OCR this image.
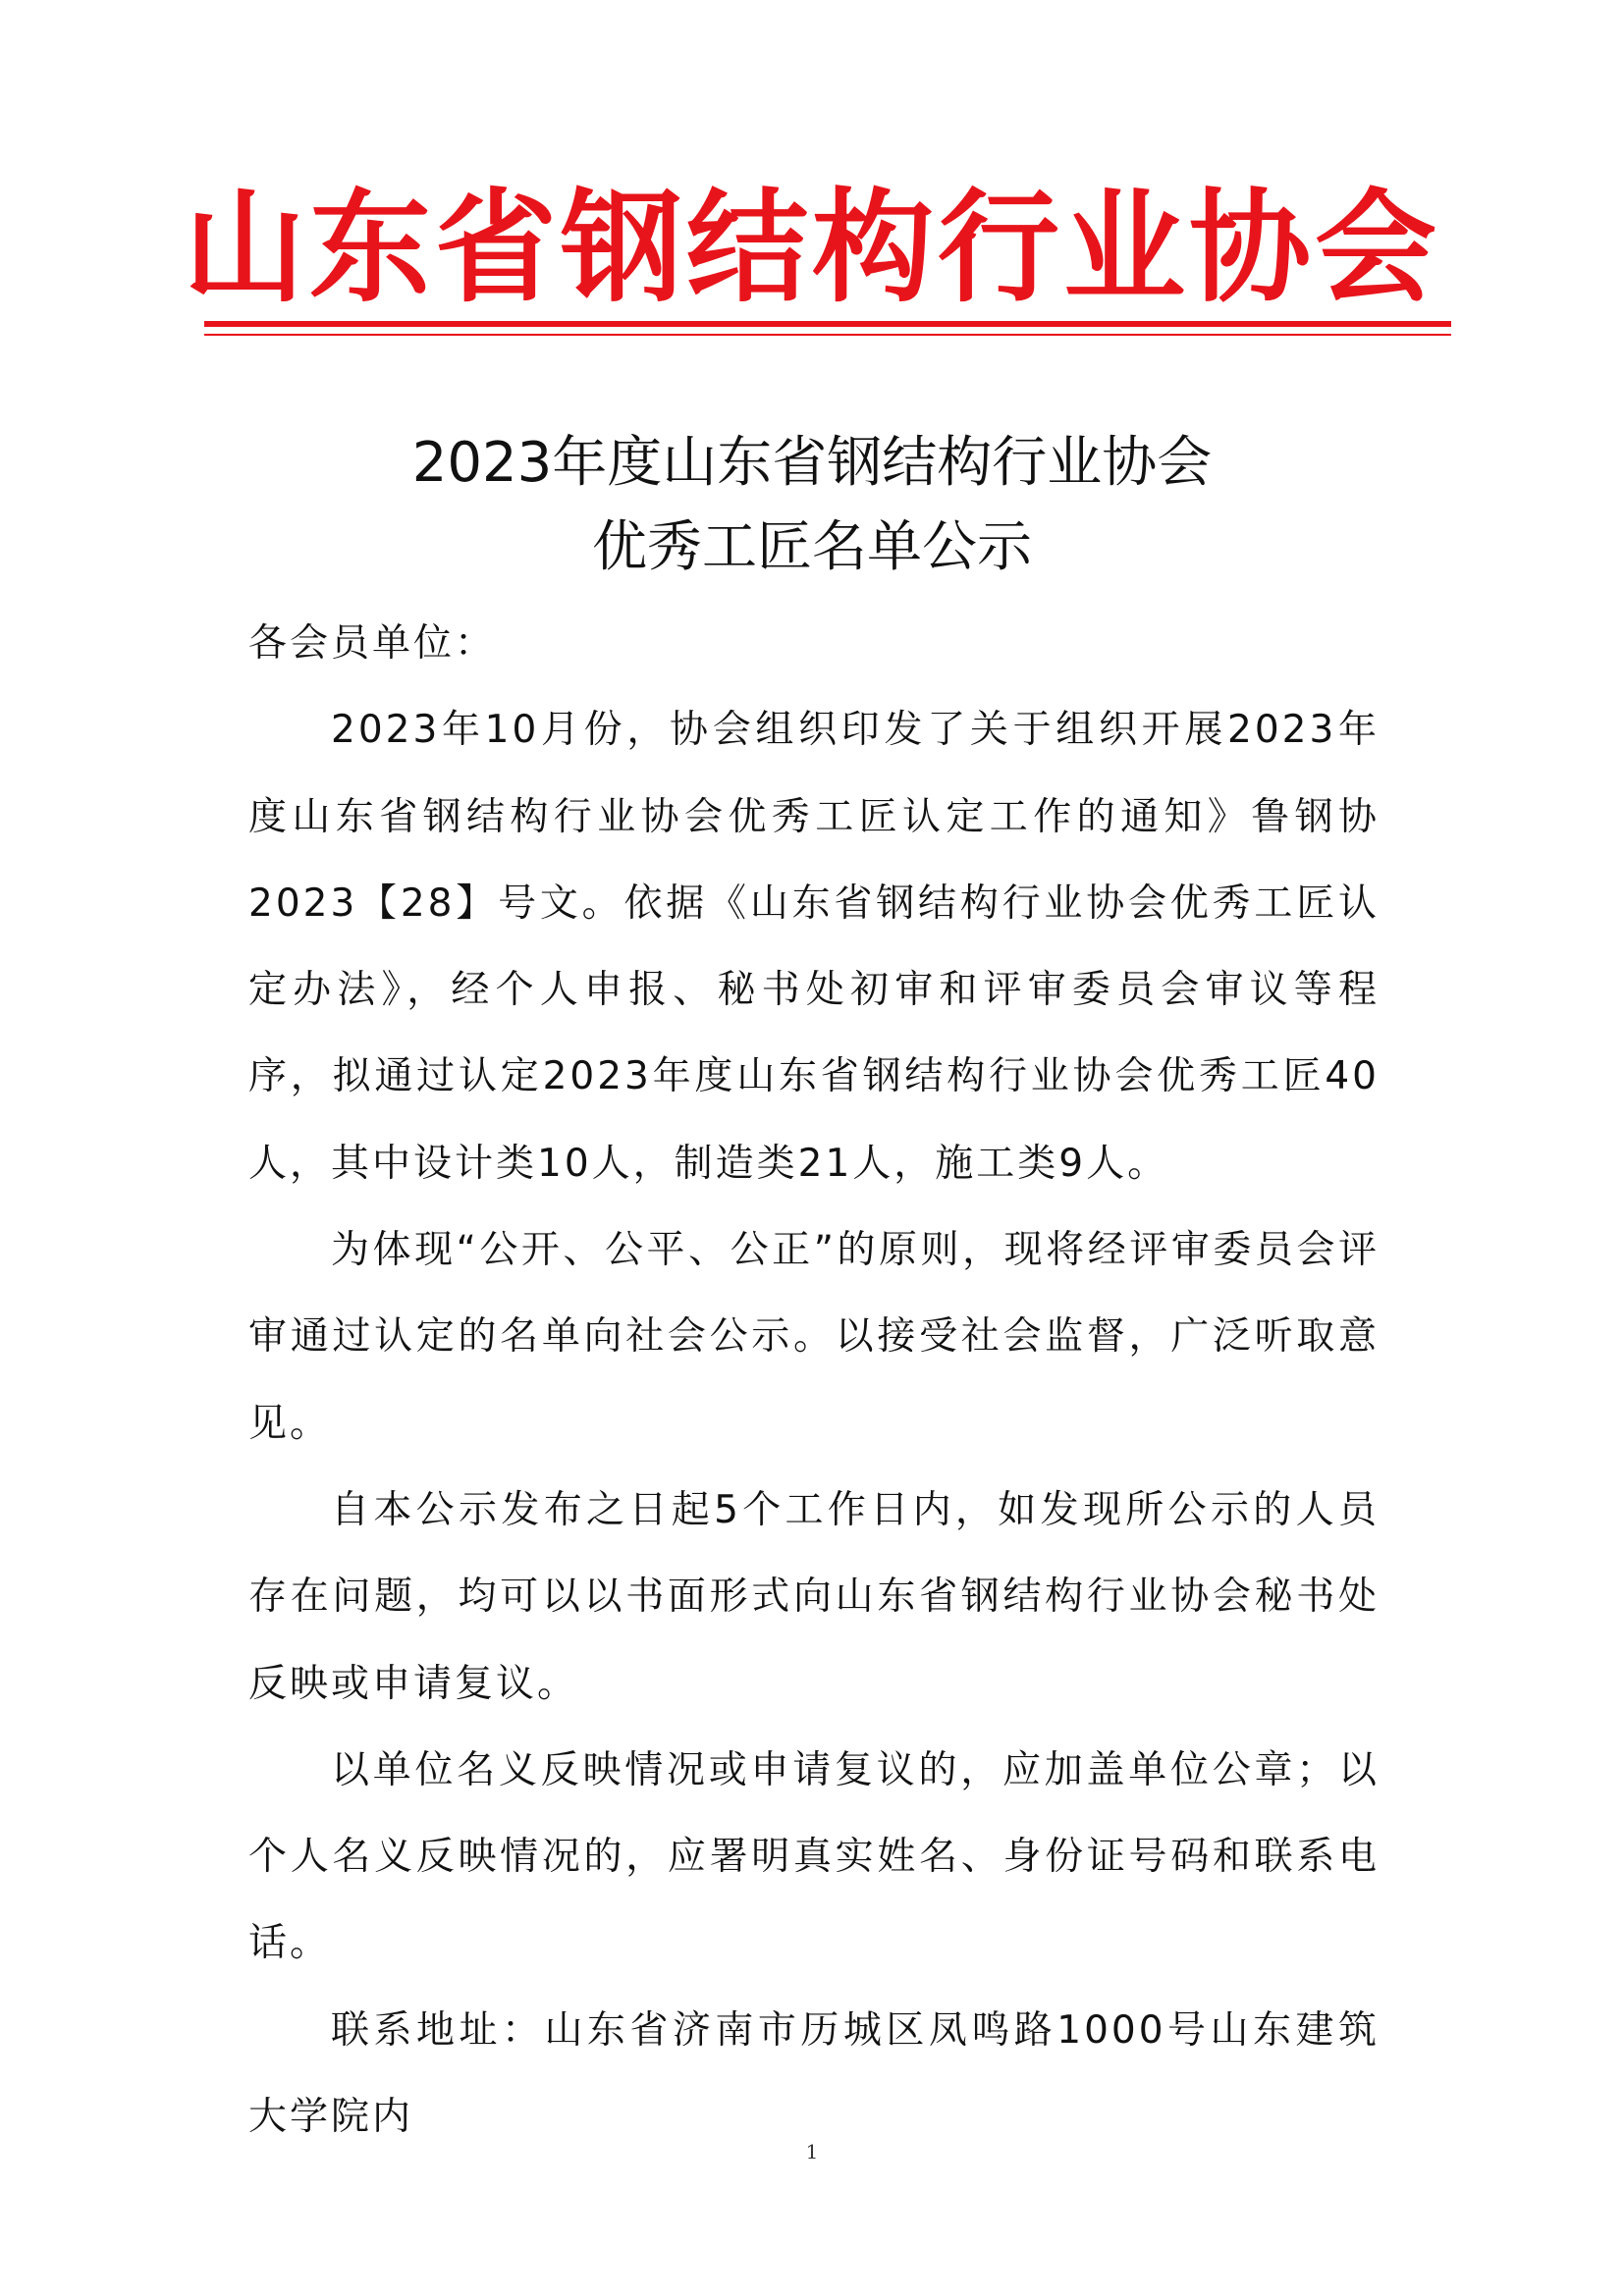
山东省钢结构行业协会
2023年度山东省钢结构行业协会
优秀工匠名单公示

各会员单位：

2023年10月份，协会组织印发了关于组织开展2023年度山东省钢结构行业协会优秀工匠认定工作的通知》鲁钢协2023【28】号文。依据《山东省钢结构行业协会优秀工匠认定办法》，经个人申报、秘书处初审和评审委员会审议等程序，拟通过认定2023年度山东省钢结构行业协会优秀工匠40人，其中设计类10人，制造类21人，施工类9人。

为体现“公开、公平、公正”的原则，现将经评审委员会评审通过认定的名单向社会公示。以接受社会监督，广泛听取意见。

自本公示发布之日起5个工作日内，如发现所公示的人员存在问题，均可以以书面形式向山东省钢结构行业协会秘书处反映或申请复议。

以单位名义反映情况或申请复议的，应加盖单位公章；以个人名义反映情况的，应署明真实姓名、身份证号码和联系电话。

联系地址：山东省济南市历城区凤鸣路1000号山东建筑大学院内

1
